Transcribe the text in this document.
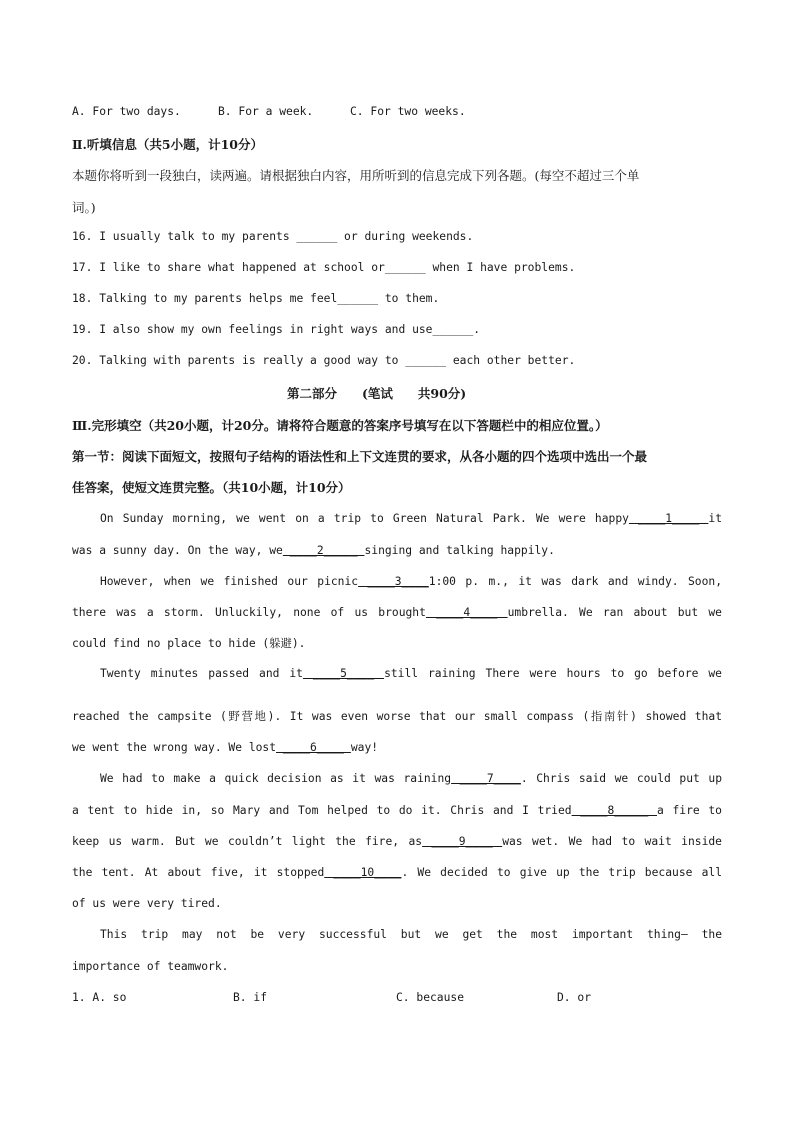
A. For two days.	B. For a week.	C. For two weeks.
Ⅱ.听填信息（共5小题，计10分）
本题你将听到一段独白，读两遍。请根据独白内容，用所听到的信息完成下列各题。(每空不超过三个单
词。)
16. I usually talk to my parents ______ or during weekends.
17. I like to share what happened at school or______ when I have problems.
18. Talking to my parents helps me feel______ to them.
19. I also show my own feelings in right ways and use______.
20. Talking with parents is really a good way to ______ each other better.
第二部分　　(笔试　　共90分)
Ⅲ.完形填空（共20小题，计20分。请将符合题意的答案序号填写在以下答题栏中的相应位置。）
第一节：阅读下面短文，按照句子结构的语法性和上下文连贯的要求，从各小题的四个选项中选出一个最
佳答案，使短文连贯完整。（共10小题，计10分）
On Sunday morning, we went on a trip to Green Natural Park. We were happy ____1____ it
was a sunny day. On the way, we ____2_____ singing and talking happily.
However, when we finished our picnic ____3____1:00 p. m., it was dark and windy. Soon,
there was a storm. Unluckily, none of us brought ____4____ umbrella. We ran about but we
could find no place to hide (躲避).
Twenty minutes passed and it ____5____ still raining There were hours to go before we
reached the campsite (野营地). It was even worse that our small compass (指南针) showed that
we went the wrong way. We lost ____6____ way!
We had to make a quick decision as it was raining ____7____. Chris said we could put up
a tent to hide in, so Mary and Tom helped to do it. Chris and I tried ____8_____ a fire to
keep us warm. But we couldn’t light the fire, as ____9____ was wet. We had to wait inside
the tent. At about five, it stopped ____10____. We decided to give up the trip because all
of us were very tired.
This trip may not be very successful but we get the most important thing— the
importance of teamwork.
1. A. so	B. if	C. because	D. or
